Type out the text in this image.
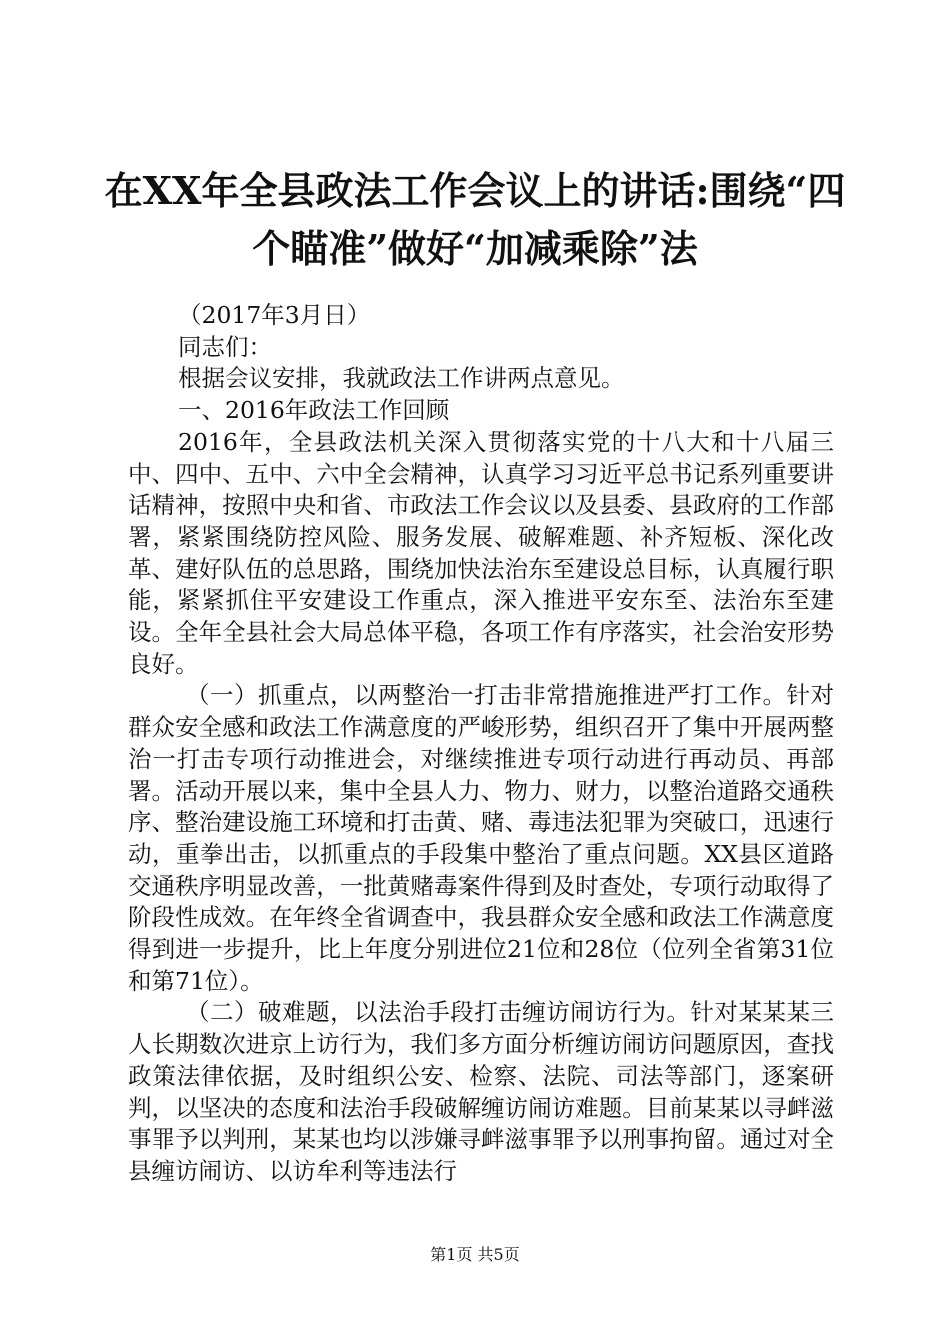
在XX年全县政法工作会议上的讲话:围绕“四
个瞄准”做好“加减乘除”法

（2017年3月日）

同志们：

根据会议安排，我就政法工作讲两点意见。

一、2016年政法工作回顾

2016年，全县政法机关深入贯彻落实党的十八大和十八届三中、四中、五中、六中全会精神，认真学习习近平总书记系列重要讲话精神，按照中央和省、市政法工作会议以及县委、县政府的工作部署，紧紧围绕防控风险、服务发展、破解难题、补齐短板、深化改革、建好队伍的总思路，围绕加快法治东至建设总目标，认真履行职能，紧紧抓住平安建设工作重点，深入推进平安东至、法治东至建设。全年全县社会大局总体平稳，各项工作有序落实，社会治安形势良好。

（一）抓重点，以两整治一打击非常措施推进严打工作。针对群众安全感和政法工作满意度的严峻形势，组织召开了集中开展两整治一打击专项行动推进会，对继续推进专项行动进行再动员、再部署。活动开展以来，集中全县人力、物力、财力，以整治道路交通秩序、整治建设施工环境和打击黄、赌、毒违法犯罪为突破口，迅速行动，重拳出击，以抓重点的手段集中整治了重点问题。XX县区道路交通秩序明显改善，一批黄赌毒案件得到及时查处，专项行动取得了阶段性成效。在年终全省调查中，我县群众安全感和政法工作满意度得到进一步提升，比上年度分别进位21位和28位（位列全省第31位和第71位）。

（二）破难题，以法治手段打击缠访闹访行为。针对某某某三人长期数次进京上访行为，我们多方面分析缠访闹访问题原因，查找政策法律依据，及时组织公安、检察、法院、司法等部门，逐案研判，以坚决的态度和法治手段破解缠访闹访难题。目前某某以寻衅滋事罪予以判刑，某某也均以涉嫌寻衅滋事罪予以刑事拘留。通过对全县缠访闹访、以访牟利等违法行

第1页 共5页
